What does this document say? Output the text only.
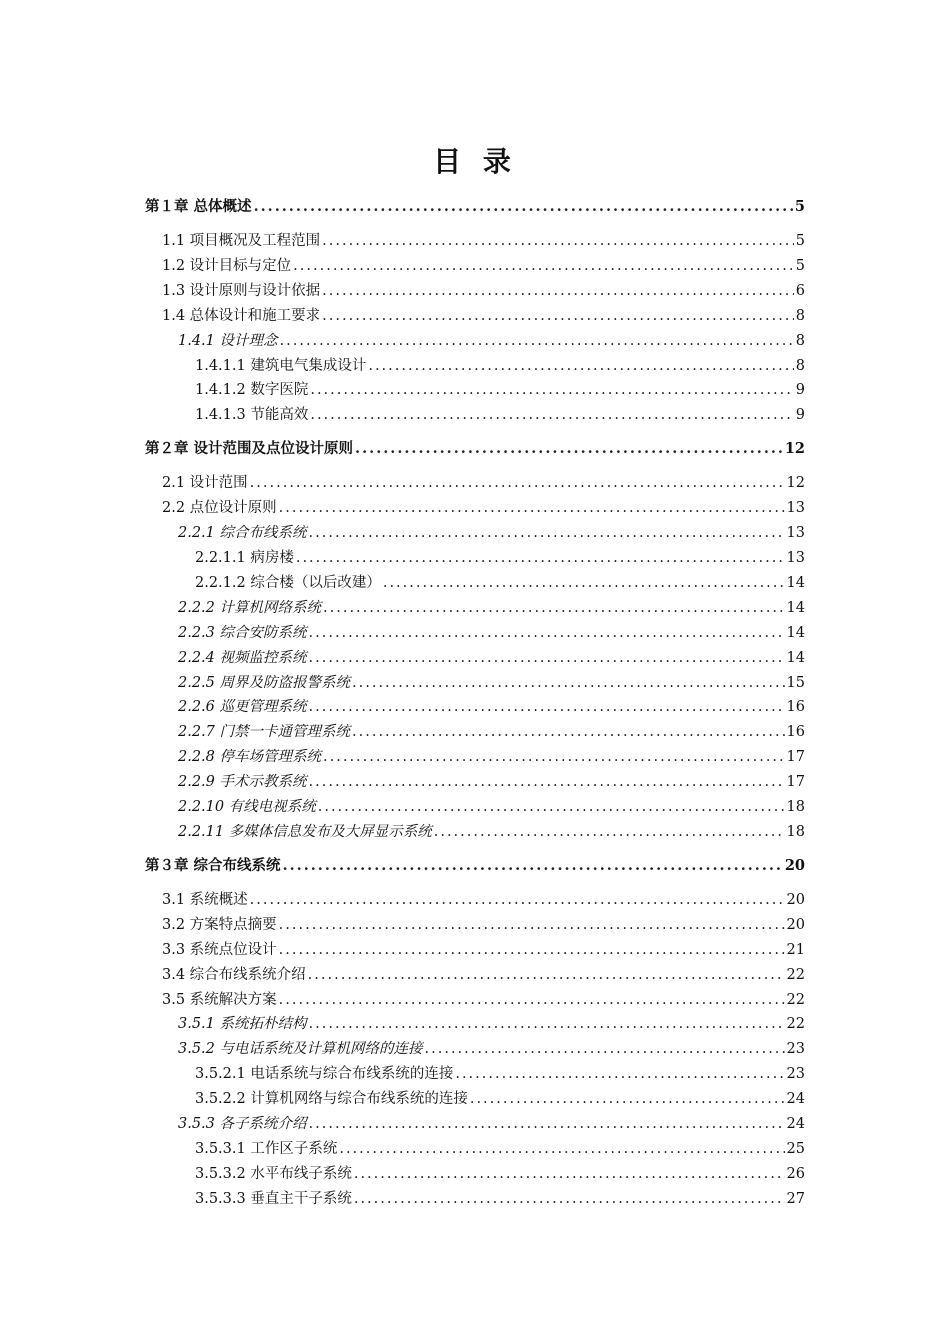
目 录
第１章 总体概述 .....	5
1.1 项目概况及工程范围 .....	5
1.2 设计目标与定位 .....	5
1.3 设计原则与设计依据 .....	6
1.4 总体设计和施工要求 .....	8
1.4.1 设计理念 .....	8
1.4.1.1 建筑电气集成设计 .....	8
1.4.1.2 数字医院 .....	9
1.4.1.3 节能高效 .....	9
第２章 设计范围及点位设计原则 .....	12
2.1 设计范围 .....	12
2.2 点位设计原则 .....	13
2.2.1 综合布线系统 .....	13
2.2.1.1 病房楼 .....	13
2.2.1.2 综合楼（以后改建） .....	14
2.2.2 计算机网络系统 .....	14
2.2.3 综合安防系统 .....	14
2.2.4 视频监控系统 .....	14
2.2.5 周界及防盗报警系统 .....	15
2.2.6 巡更管理系统 .....	16
2.2.7 门禁一卡通管理系统 .....	16
2.2.8 停车场管理系统 .....	17
2.2.9 手术示教系统 .....	17
2.2.10 有线电视系统 .....	18
2.2.11 多媒体信息发布及大屏显示系统 .....	18
第３章 综合布线系统 .....	20
3.1 系统概述 .....	20
3.2 方案特点摘要 .....	20
3.3 系统点位设计 .....	21
3.4 综合布线系统介绍 .....	22
3.5 系统解决方案 .....	22
3.5.1 系统拓朴结构 .....	22
3.5.2 与电话系统及计算机网络的连接 .....	23
3.5.2.1 电话系统与综合布线系统的连接 .....	23
3.5.2.2 计算机网络与综合布线系统的连接 .....	24
3.5.3 各子系统介绍 .....	24
3.5.3.1 工作区子系统 .....	25
3.5.3.2 水平布线子系统 .....	26
3.5.3.3 垂直主干子系统 .....	27
